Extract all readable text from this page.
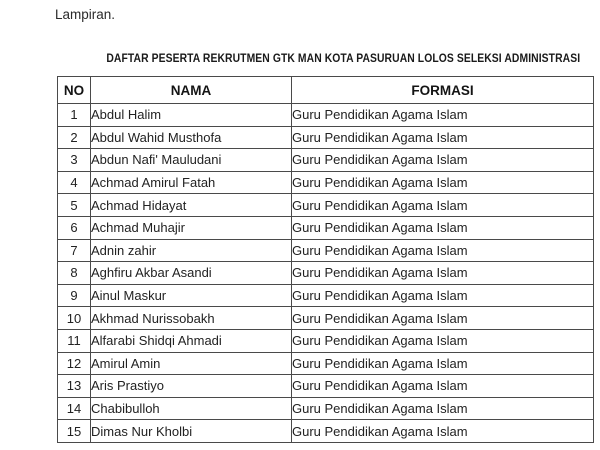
Lampiran.
DAFTAR PESERTA REKRUTMEN GTK MAN KOTA PASURUAN LOLOS SELEKSI ADMINISTRASI
NO	NAMA	FORMASI
1	Abdul Halim	Guru Pendidikan Agama Islam
2	Abdul Wahid Musthofa	Guru Pendidikan Agama Islam
3	Abdun Nafi' Mauludani	Guru Pendidikan Agama Islam
4	Achmad Amirul Fatah	Guru Pendidikan Agama Islam
5	Achmad Hidayat	Guru Pendidikan Agama Islam
6	Achmad Muhajir	Guru Pendidikan Agama Islam
7	Adnin zahir	Guru Pendidikan Agama Islam
8	Aghfiru Akbar Asandi	Guru Pendidikan Agama Islam
9	Ainul Maskur	Guru Pendidikan Agama Islam
10	Akhmad Nurissobakh	Guru Pendidikan Agama Islam
11	Alfarabi Shidqi Ahmadi	Guru Pendidikan Agama Islam
12	Amirul Amin	Guru Pendidikan Agama Islam
13	Aris Prastiyo	Guru Pendidikan Agama Islam
14	Chabibulloh	Guru Pendidikan Agama Islam
15	Dimas Nur Kholbi	Guru Pendidikan Agama Islam
